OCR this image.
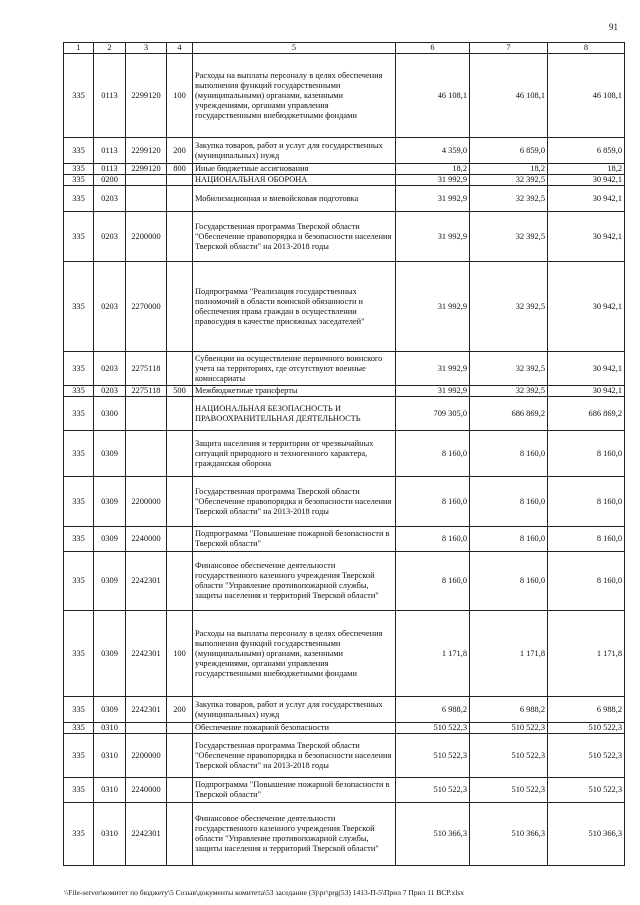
91
1	2	3	4	5	6	7	8
335	0113	2299120	100	Расходы на выплаты персоналу в целях обеспечения выполнения функций государственными (муниципальными) органами, казенными учреждениями, органами управления государственными внебюджетными фондами	46 108,1	46 108,1	46 108,1
335	0113	2299120	200	Закупка товаров, работ и услуг для государственных (муниципальных) нужд	4 359,0	6 859,0	6 859,0
335	0113	2299120	800	Иные бюджетные ассигнования	18,2	18,2	18,2
335	0200			НАЦИОНАЛЬНАЯ ОБОРОНА	31 992,9	32 392,5	30 942,1
335	0203			Мобилизационная и вневойсковая подготовка	31 992,9	32 392,5	30 942,1
335	0203	2200000		Государственная программа Тверской области "Обеспечение правопорядка и безопасности населения Тверской области" на 2013-2018 годы	31 992,9	32 392,5	30 942,1
335	0203	2270000		Подпрограмма "Реализация государственных полномочий в области воинской обязанности и обеспечения права граждан в осуществлении правосудия в качестве присяжных заседателей"	31 992,9	32 392,5	30 942,1
335	0203	2275118		Субвенции на осуществление первичного воинского учета на территориях, где отсутствуют военные комиссариаты	31 992,9	32 392,5	30 942,1
335	0203	2275118	500	Межбюджетные трансферты	31 992,9	32 392,5	30 942,1
335	0300			НАЦИОНАЛЬНАЯ БЕЗОПАСНОСТЬ И ПРАВООХРАНИТЕЛЬНАЯ ДЕЯТЕЛЬНОСТЬ	709 305,0	686 869,2	686 869,2
335	0309			Защита населения и территории от чрезвычайных ситуаций природного и техногенного характера, гражданская оборона	8 160,0	8 160,0	8 160,0
335	0309	2200000		Государственная программа Тверской области "Обеспечение правопорядка и безопасности населения Тверской области" на 2013-2018 годы	8 160,0	8 160,0	8 160,0
335	0309	2240000		Подпрограмма "Повышение пожарной безопасности в Тверской области"	8 160,0	8 160,0	8 160,0
335	0309	2242301		Финансовое обеспечение деятельности государственного казенного учреждения Тверской области "Управление противопожарной службы, защиты населения и территорий Тверской области"	8 160,0	8 160,0	8 160,0
335	0309	2242301	100	Расходы на выплаты персоналу в целях обеспечения выполнения функций государственными (муниципальными) органами, казенными учреждениями, органами управления государственными внебюджетными фондами	1 171,8	1 171,8	1 171,8
335	0309	2242301	200	Закупка товаров, работ и услуг для государственных (муниципальных) нужд	6 988,2	6 988,2	6 988,2
335	0310			Обеспечение пожарной безопасности	510 522,3	510 522,3	510 522,3
335	0310	2200000		Государственная программа Тверской области "Обеспечение правопорядка и безопасности населения Тверской области" на 2013-2018 годы	510 522,3	510 522,3	510 522,3
335	0310	2240000		Подпрограмма "Повышение пожарной безопасности в Тверской области"	510 522,3	510 522,3	510 522,3
335	0310	2242301		Финансовое обеспечение деятельности государственного казенного учреждения Тверской области "Управление противопожарной службы, защиты населения и территорий Тверской области"	510 366,3	510 366,3	510 366,3
\\File-server\комитет по бюджету\5 Созыв\документы комитета\53 заседание (3)\рг\prg(53) 1413-П-5\Прил 7 Прил 11 ВСР.xlsx
